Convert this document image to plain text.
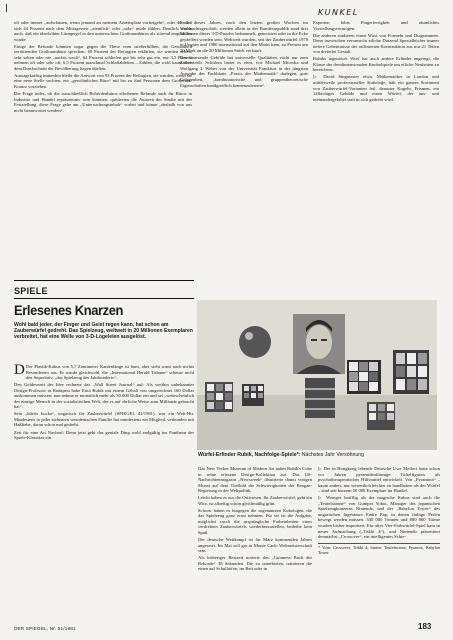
KUNKEL

oft oder immer „aufschauen, wenn jemand an meinem Arbeitsplatz vorbeigeht“, oder die, daß sich 44 Prozent nach dem Mittagessen „ziemlich“ oder „sehr“ müde fühlen. Deutlich wurde auch, daß ein überhöhter Lärmpegel in den untersuchten Großraumbüros als störend empfunden wurde.

Einige der Befunde könnten sogar gegen die These vom streßerfüllten, die Gesundheit zerrüttenden Großraumbüro sprechen: 69 Prozent der Befragten erklärten, sie würden selten, sehr selten oder nie „nachts wach“, 64 Prozent schliefen gut bis sehr gut ein, nur 3,5 Prozent nehmen oft oder sehr oft, 6,5 Prozent manchmal Schlaftabletten – Zahlen, die wohl kaum über dem Durchschnitt der Bevölkerung liegen dürften.

Aussagekräftig immerhin bleibt die Antwort von 93 Prozent der Befragten, sie würden, wenn sie eine neue Stelle suchten, ein „gewöhnliches Büro“ mit bis zu fünf Personen dem Großraum-Kontor vorziehen.

Die Frage indes, ob die ausschließlich Behördenbüros erhobenen Befunde auch für Büros in Industrie und Handel repräsentativ sein könnten, quittierten die Autoren der Studie mit der Feststellung, diese Frage gehe am „Untersuchungsinhalt“ vorbei und könne „deshalb von uns nicht beantwortet werden“.

Ende dieses Jahres, nach den letzten großen Wochen im Weihnachtsgeschäft, werden allein in der Bundesrepublik rund drei Millionen dieser 3-D-Puzzles befummelt, gemeistert oder in die Ecke gepfeffert worden sein. Weltweit wurden, seit der Zauberwürfel 1978 in Ungarn und 1980 international auf den Markt kam, zu Preisen um 20 Mark an die 20 Millionen Stück verkauft.

Das knarzende Gebilde hat universelle Qualitäten, nicht nur zum Zeitvertreib. Schülern bietet es etwa, wie Michael Mrowka und Wolfgang J. Weber von der Universität Frankfurt in der jüngsten Ausgabe des Fachblatts „Praxis der Mathematik“ darlegen, gute Gelegenheit, „kombinatorische und gruppentheoretische Eigenschaften handgreiflich kennenzulernen“.

Experten lobts Fingerfertigkeit und räumliches Vorstellungsvermögen.

Die anderen studieren einen Wust von Formeln und Diagrammen. Denn inzwischen verramscht etliche Dutzend Spezialbücher immer tiefere Geheimnisse der raffinierten Konstruktion aus nur 21 Teilen von dreierlei Gestalt.

Rubiks ingeniöser Wurf hat auch andere Erfinder angeregt, die Klasse der dreidimensionalen Knobelspiele um etliche Neuheiten zu bereichern:

▷ David Singmaster etwa, Mathematiker in London und mittlerweile professioneller Kuboloĝe, hält ein ganzes Sortiment von Zauberwürfel-Varianten feil, darunter Kugeln, Prismen, ein 14flächiges Gebilde und einen Würfel, der aus- und ineinandergefaltet statt in sich gedreht wird.

SPIELE
Erlesenes Knarzen
Wohl bald jeder, der Finger und Geist regen kann, hat schon am Zauberwürfel gedreht. Das Spielzeug, weltweit in 20 Millionen Exemplaren verbreitet, hat eine Welle von 3-D-Logeleien ausgelöst.

D Der Plastik-Kubus von 5,7 Zentimeter Kantenlänge ist bunt, aber sieht sonst nach nichts Besonderem aus. Er wurde gleichwohl, die „International Herald Tribune“ scheute nicht den Superlativ, „das Spielzeug des Jahrhunderts“.

Den Geldeswert der Idee rechnete das „Wall Street Journal“ auf: Als weithin unbekannter Design-Professor in Budapest habe Ernö Rubik mit einem Gehalt von umgerechnet 160 Dollar auskommen müssen; nun nehme er monatlich mehr als 30 000 Dollar ein und sei „wahrscheinlich der einzige Mensch in der sozialistischen Welt, der es auf ehrliche Weise zum Millionär gebracht hat“.

Sein „bűvös kocka“, ungarisch für Zauberwürfel (SPIEGEL 41/1981), war ein Welt-Hit. Mindestens in jeder siebenten westdeutschen Familie hat mindestens ein Mitglied, verbunden mit Haßliebe, daran schon mal gedreht.

Zeit für eine Art Nachruf: Denn jetzt geht das geniale Ding wohl endgültig ins Pantheon der Spiele-Klassiker ein.

Würfel-Erfinder Rubik, Nachfolge-Spiele*: Nächstes Jahr Versöhnung

Das New Yorker Museum of Modern Art nahm Rubik's Cube in seine erlesene Design-Kollektion auf. Das US-Nachrichtenmagazin „Newsweek“ illustrierte damit vorigen Monat auf dem Titelbild die Schwierigkeiten der Reagan-Regierung in der Weltpolitik.

Leicht haben es nur die Ostfriesen. Ihr Zauberwürfel, geht ein Witz, ist allseitig schön gleichmäßig grün.

Schwer haben es hingegen die sogenannten Kuboloĝen, die das Spielzeug ganz ernst nehmen. Für sie ist die Aufgabe, möglichst rasch die ursprüngliche Farbeinheiten eines verdrehten Zauberwürfels wiederherzustellen, beileibe kein Spaß.

Der deutsche Wettkampf ist für März kommenden Jahres angesetzt. Im Mai soll gar in Monte Carlo Weltmeisterschaft sein.

Als bisheriger Bestzeit notierte das „Guinness Buch der Rekorde“ 38 Sekunden. Die zu unterbieten, trainieren die einen auf Schulhöfen, im Bett oder in

▷ Der in Hongkong lebende Deutsche Uwe Meffert hatte schon vor Jahren pyramidenförmige Tüftelfiguren als psychotherapeutisches Hilfsmittel entwickelt. Von „Pyraminx“ – kaum anders, nur wesentlich leichter zu handhaben als der Würfel – sind seit kurzem 50 000 Exemplare im Handel.

▷ Weniger knifflig als der magische Kubus sind auch die „Teufelstonne“ von Gumpei Yokoi, Manager des japanischen Spielzeugkonzerns Nintendo, und der „Babylon Tower“ des ungarischen Ingenieurs Endre Pap, in denen farbige Perlen bewegt werden müssen. 330 000 Tonnen und 800 000 Türme wurden bisher importiert. Ein altes Vier-Farbwürfel-Spiel kam in neuer Aufmachung („Trikki 4“), und Nintendo präsentiert demnächst „Crossover“, ein intelligentes Schie-

* Vorn: Crossover, Trikki 4; hinten: Teufelstonne, Pyramix, Babylon Tower.

DER SPIEGEL, Nr. 51/1981	183
